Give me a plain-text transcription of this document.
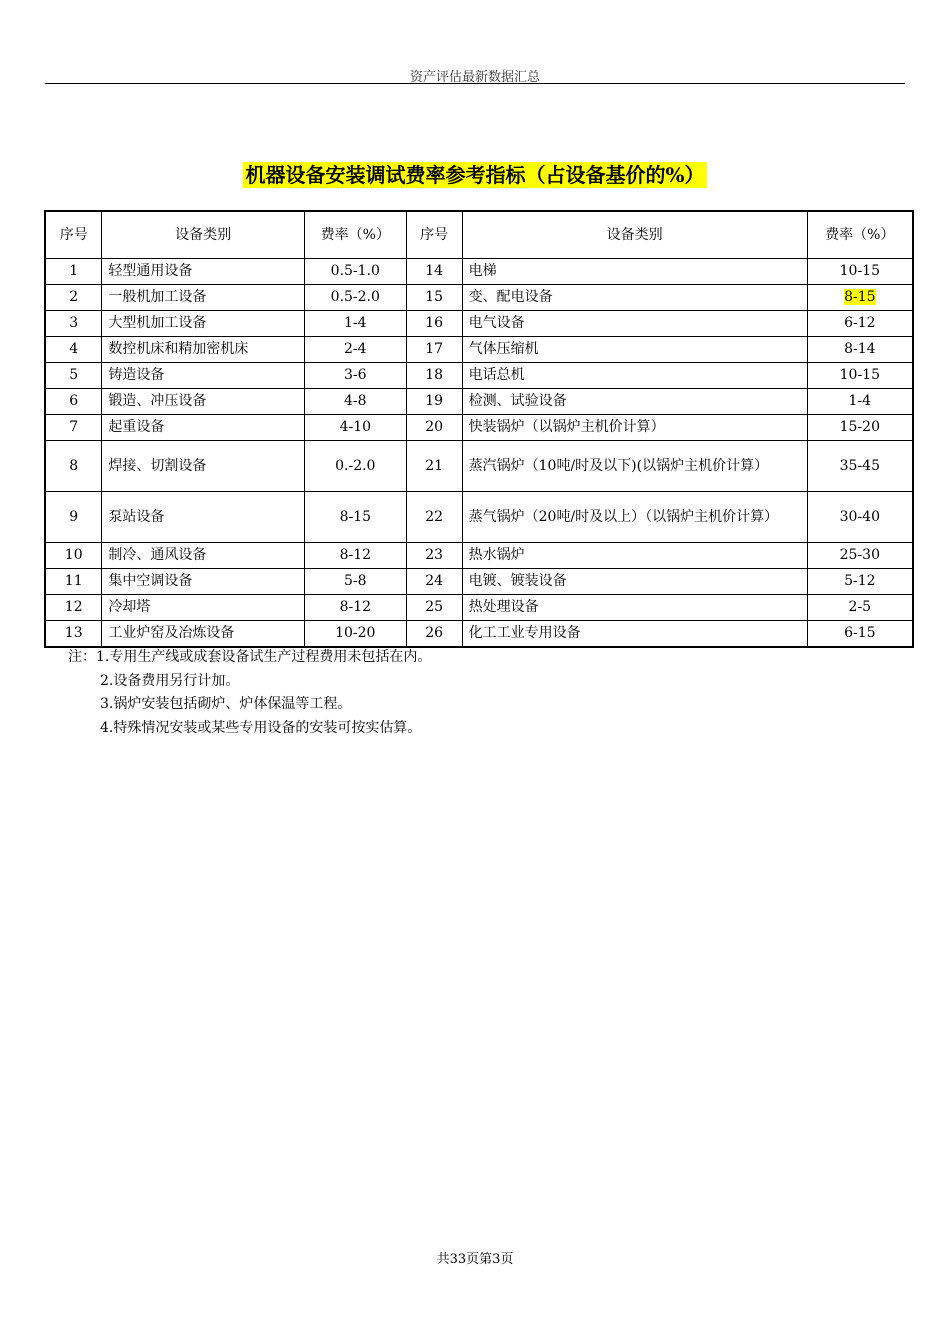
资产评估最新数据汇总
机器设备安装调试费率参考指标（占设备基价的%）
序号	设备类别	费率（%）	序号	设备类别	费率（%）
1	轻型通用设备	0.5-1.0	14	电梯	10-15
2	一般机加工设备	0.5-2.0	15	变、配电设备	8-15
3	大型机加工设备	1-4	16	电气设备	6-12
4	数控机床和精加密机床	2-4	17	气体压缩机	8-14
5	铸造设备	3-6	18	电话总机	10-15
6	锻造、冲压设备	4-8	19	检测、试验设备	1-4
7	起重设备	4-10	20	快装锅炉（以锅炉主机价计算）	15-20
8	焊接、切割设备	0.-2.0	21	蒸汽锅炉（10吨/时及以下)(以锅炉主机价计算）	35-45
9	泵站设备	8-15	22	蒸气锅炉（20吨/时及以上）（以锅炉主机价计算）	30-40
10	制冷、通风设备	8-12	23	热水锅炉	25-30
11	集中空调设备	5-8	24	电镀、镀装设备	5-12
12	冷却塔	8-12	25	热处理设备	2-5
13	工业炉窑及冶炼设备	10-20	26	化工工业专用设备	6-15
注：1.专用生产线或成套设备试生产过程费用未包括在内。
2.设备费用另行计加。
3.锅炉安装包括砌炉、炉体保温等工程。
4.特殊情况安装或某些专用设备的安装可按实估算。
共33页第3页
